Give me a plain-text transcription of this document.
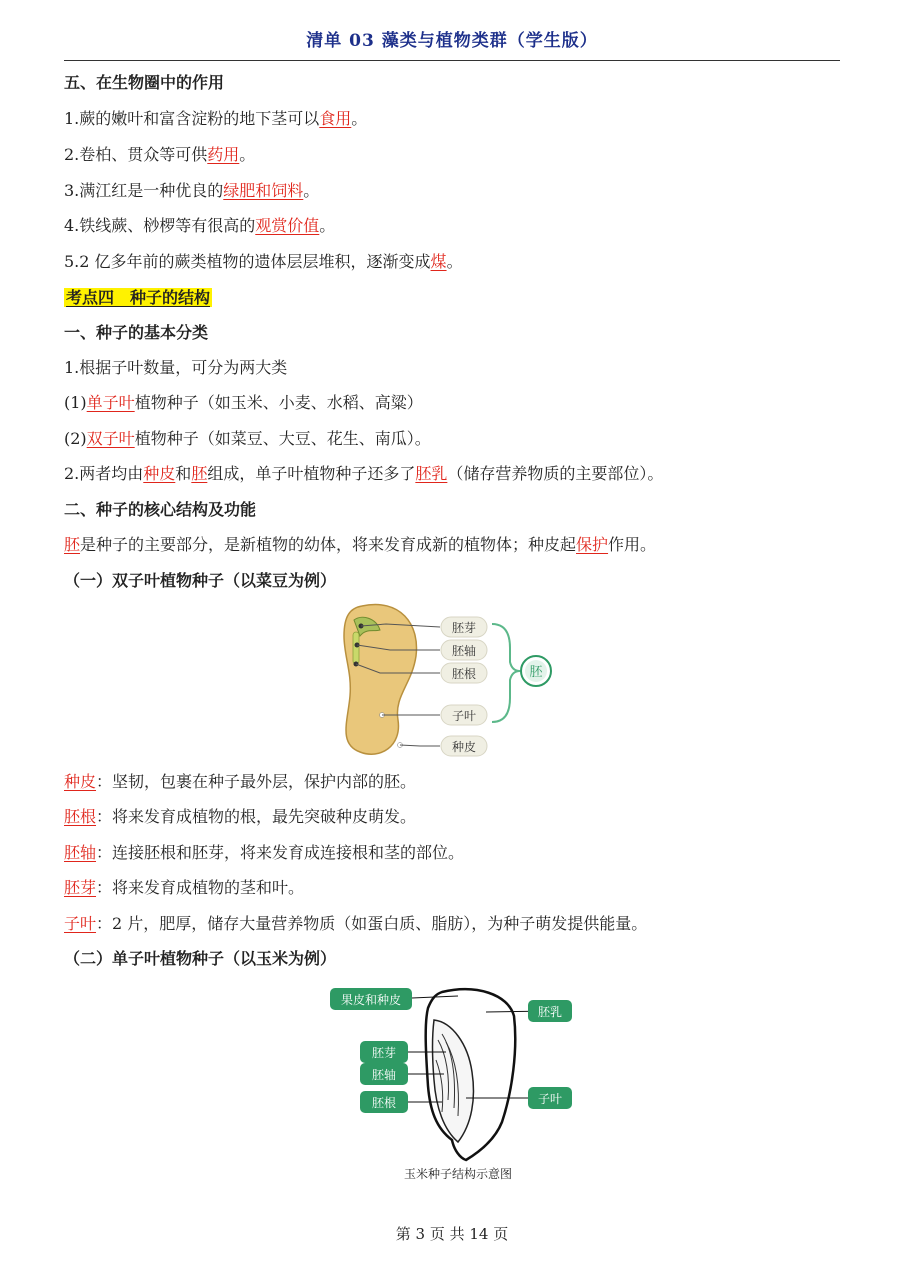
清单 03 藻类与植物类群（学生版）
五、在生物圈中的作用
1.蕨的嫩叶和富含淀粉的地下茎可以食用。
2.卷柏、贯众等可供药用。
3.满江红是一种优良的绿肥和饲料。
4.铁线蕨、桫椤等有很高的观赏价值。
5.2 亿多年前的蕨类植物的遗体层层堆积，逐渐变成煤。
考点四　种子的结构
一、种子的基本分类
1.根据子叶数量，可分为两大类
(1)单子叶植物种子（如玉米、小麦、水稻、高粱）
(2)双子叶植物种子（如菜豆、大豆、花生、南瓜）。
2.两者均由种皮和胚组成，单子叶植物种子还多了胚乳（储存营养物质的主要部位）。
二、种子的核心结构及功能
胚是种子的主要部分，是新植物的幼体，将来发育成新的植物体；种皮起保护作用。
（一）双子叶植物种子（以菜豆为例）
胚芽
胚轴
胚根
子叶
种皮
胚
种皮：坚韧，包裹在种子最外层，保护内部的胚。
胚根：将来发育成植物的根，最先突破种皮萌发。
胚轴：连接胚根和胚芽，将来发育成连接根和茎的部位。
胚芽：将来发育成植物的茎和叶。
子叶：2 片，肥厚，储存大量营养物质（如蛋白质、脂肪），为种子萌发提供能量。
（二）单子叶植物种子（以玉米为例）
果皮和种皮
胚乳
胚芽
胚轴
胚根	子叶
玉米种子结构示意图
第 3 页 共 14 页
